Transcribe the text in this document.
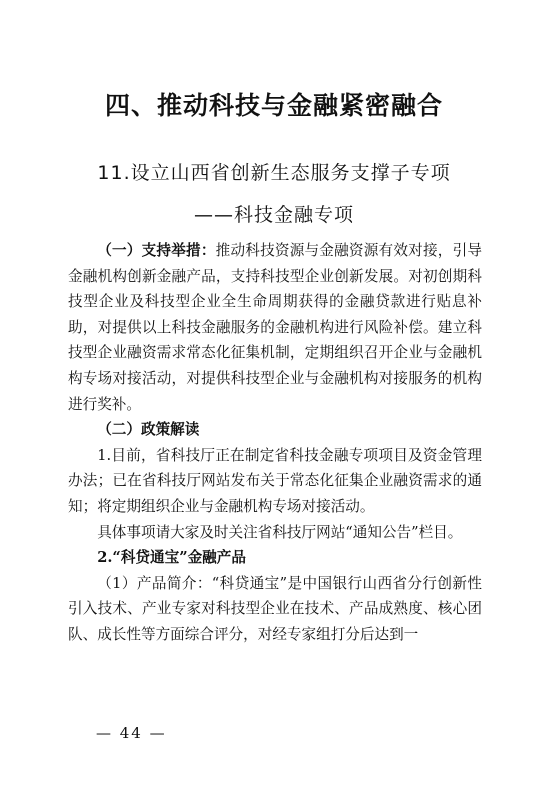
四、推动科技与金融紧密融合
11.设立山西省创新生态服务支撑子专项
——科技金融专项

（一）支持举措：推动科技资源与金融资源有效对接，引导金融机构创新金融产品，支持科技型企业创新发展。对初创期科技型企业及科技型企业全生命周期获得的金融贷款进行贴息补助，对提供以上科技金融服务的金融机构进行风险补偿。建立科技型企业融资需求常态化征集机制，定期组织召开企业与金融机构专场对接活动，对提供科技型企业与金融机构对接服务的机构进行奖补。

（二）政策解读

1.目前，省科技厅正在制定省科技金融专项项目及资金管理办法；已在省科技厅网站发布关于常态化征集企业融资需求的通知；将定期组织企业与金融机构专场对接活动。

具体事项请大家及时关注省科技厅网站“通知公告”栏目。

2.“科贷通宝”金融产品

（1）产品简介：“科贷通宝”是中国银行山西省分行创新性引入技术、产业专家对科技型企业在技术、产品成熟度、核心团队、成长性等方面综合评分，对经专家组打分后达到一

— 44 —
